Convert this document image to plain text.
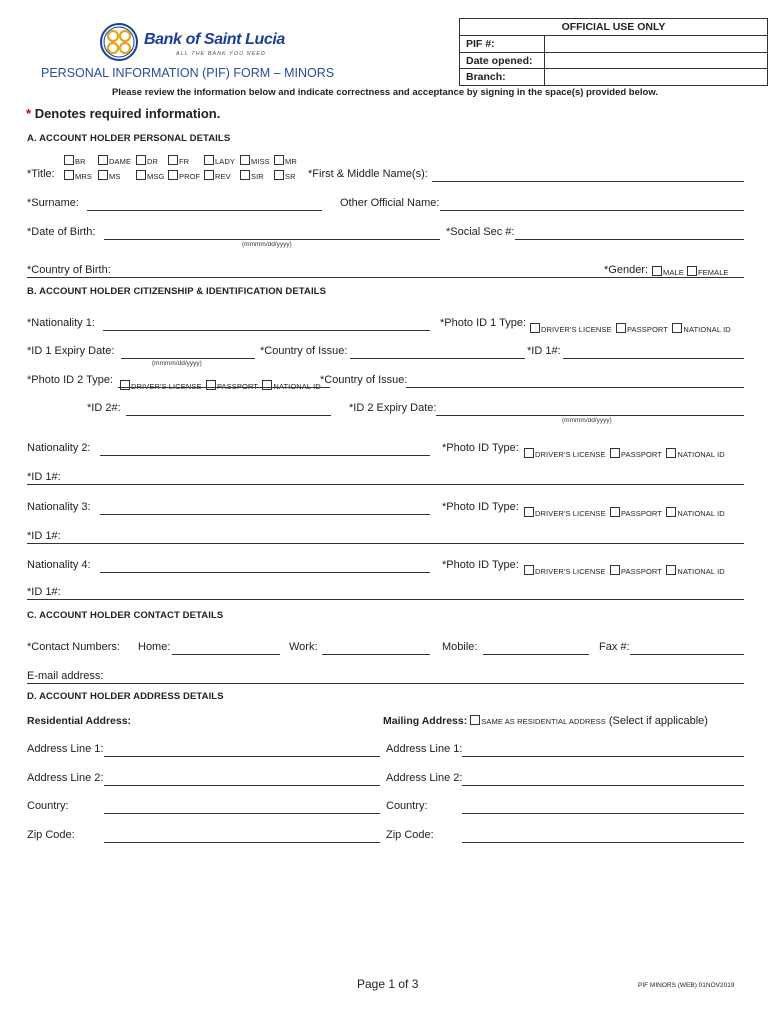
Bank of Saint Lucia
ALL THE BANK YOU NEED
PERSONAL INFORMATION (PIF) FORM – MINORS
OFFICIAL USE ONLY
PIF #:
Date opened:
Branch:
Please review the information below and indicate correctness and acceptance by signing in the space(s) provided below.
* Denotes required information.
A. ACCOUNT HOLDER PERSONAL DETAILS
*Title:
BR	DAME	DR	FR	LADY	MISS	MR
MRS	MS	MSG	PROF	REV	SIR	SR *First & Middle Name(s):
*Surname:	Other Official Name:
*Date of Birth:
(mmmm/dd/yyyy)
*Social Sec #:
*Country of Birth:	*Gender:	MALE	FEMALE
B. ACCOUNT HOLDER CITIZENSHIP & IDENTIFICATION DETAILS
*Nationality 1:	*Photo ID 1 Type:
DRIVER'S LICENSE PASSPORT NATIONAL ID
*ID 1 Expiry Date:
(mmmm/dd/yyyy)
*Country of Issue:	*ID 1#:
*Photo ID 2 Type:
DRIVER'S LICENSE PASSPORT NATIONAL ID
*Country of Issue:
*ID 2#:	*ID 2 Expiry Date:
(mmmm/dd/yyyy)
Nationality 2:	*Photo ID Type:
DRIVER'S LICENSE PASSPORT NATIONAL ID
*ID 1#:
Nationality 3:	*Photo ID Type:
DRIVER'S LICENSE PASSPORT NATIONAL ID
*ID 1#:
Nationality 4:	*Photo ID Type:
DRIVER'S LICENSE PASSPORT NATIONAL ID
*ID 1#:
C. ACCOUNT HOLDER CONTACT DETAILS
*Contact Numbers: Home:	Work:	Mobile:	Fax #:
E-mail address:
D. ACCOUNT HOLDER ADDRESS DETAILS
Residential Address:	Mailing Address: SAME AS RESIDENTIAL ADDRESS (Select if applicable)
Address Line 1:	Address Line 1:
Address Line 2:	Address Line 2:
Country:	Country:
Zip Code:	Zip Code:
Page 1 of 3	PIF MINORS (WEB) 01NOV2019
